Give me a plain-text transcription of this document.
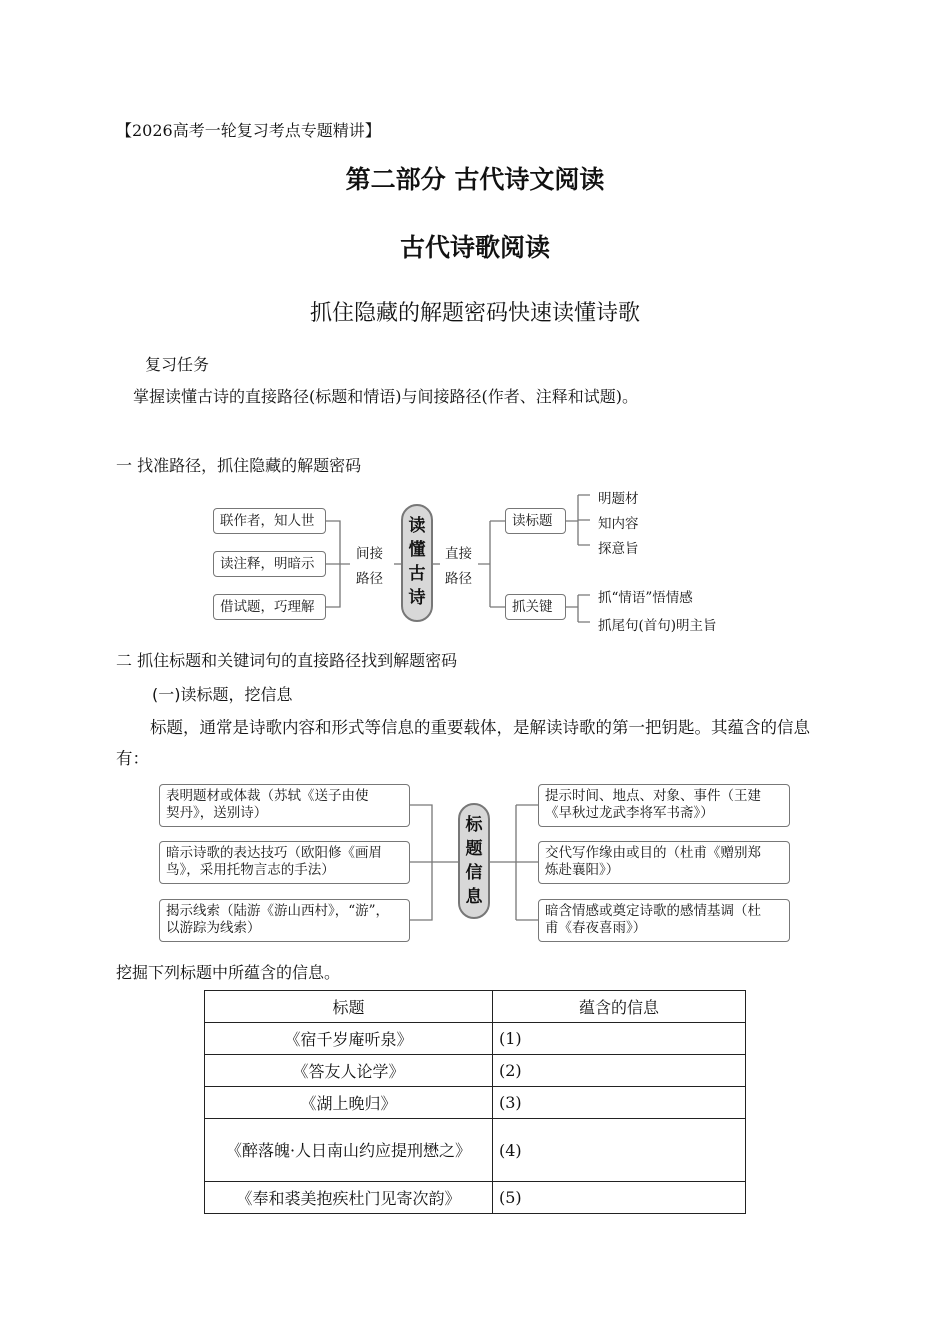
【2026高考一轮复习考点专题精讲】
第二部分 古代诗文阅读
古代诗歌阅读
抓住隐藏的解题密码快速读懂诗歌
复习任务
掌握读懂古诗的直接路径(标题和情语)与间接路径(作者、注释和试题)。
一 找准路径，抓住隐藏的解题密码
联作者，知人世
读注释，明暗示
借试题，巧理解
间接
路径
读
懂
古
诗
直接
路径
读标题
明题材
知内容
探意旨
抓关键
抓“情语”悟情感
抓尾句(首句)明主旨
二 抓住标题和关键词句的直接路径找到解题密码
(一)读标题，挖信息
标题，通常是诗歌内容和形式等信息的重要载体，是解读诗歌的第一把钥匙。其蕴含的信息有：
表明题材或体裁（苏轼《送子由使
契丹》，送别诗）
暗示诗歌的表达技巧（欧阳修《画眉
鸟》，采用托物言志的手法）
揭示线索（陆游《游山西村》，“游”，
以游踪为线索）
标
题
信
息
提示时间、地点、对象、事件（王建
《早秋过龙武李将军书斋》）
交代写作缘由或目的（杜甫《赠别郑
炼赴襄阳》）
暗含情感或奠定诗歌的感情基调（杜
甫《春夜喜雨》）
挖掘下列标题中所蕴含的信息。
标题	蕴含的信息
《宿千岁庵听泉》	(1)
《答友人论学》	(2)
《湖上晚归》	(3)
《醉落魄·人日南山约应提刑懋之》	(4)
《奉和裘美抱疾杜门见寄次韵》	(5)
